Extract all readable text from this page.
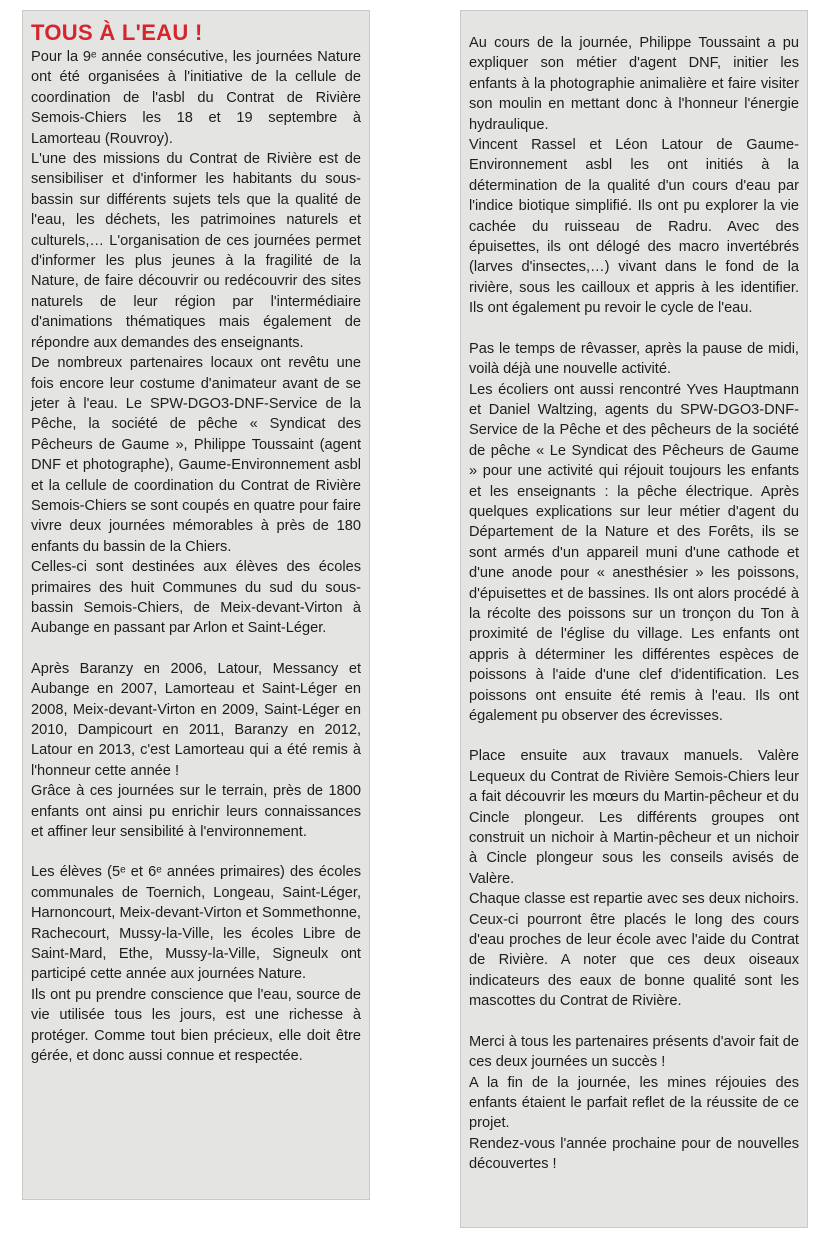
TOUS À L'EAU !

Pour la 9ᵉ année consécutive, les journées Nature ont été organisées à l'initiative de la cellule de coordination de l'asbl du Contrat de Rivière Semois-Chiers les 18 et 19 septembre à Lamorteau (Rouvroy).

L'une des missions du Contrat de Rivière est de sensibiliser et d'informer les habitants du sous-bassin sur différents sujets tels que la qualité de l'eau, les déchets, les patrimoines naturels et culturels,… L'organisation de ces journées permet d'informer les plus jeunes à la fragilité de la Nature, de faire découvrir ou redécouvrir des sites naturels de leur région par l'intermédiaire d'animations thématiques mais également de répondre aux demandes des enseignants.

De nombreux partenaires locaux ont revêtu une fois encore leur costume d'animateur avant de se jeter à l'eau. Le SPW-DGO3-DNF-Service de la Pêche, la société de pêche « Syndicat des Pêcheurs de Gaume », Philippe Toussaint (agent DNF et photographe), Gaume-Environnement asbl et la cellule de coordination du Contrat de Rivière Semois-Chiers se sont coupés en quatre pour faire vivre deux journées mémorables à près de 180 enfants du bassin de la Chiers.

Celles-ci sont destinées aux élèves des écoles primaires des huit Communes du sud du sous-bassin Semois-Chiers, de Meix-devant-Virton à Aubange en passant par Arlon et Saint-Léger.

Après Baranzy en 2006, Latour, Messancy et Aubange en 2007, Lamorteau et Saint-Léger en 2008, Meix-devant-Virton en 2009, Saint-Léger en 2010, Dampicourt en 2011, Baranzy en 2012, Latour en 2013, c'est Lamorteau qui a été remis à l'honneur cette année !

Grâce à ces journées sur le terrain, près de 1800 enfants ont ainsi pu enrichir leurs connaissances et affiner leur sensibilité à l'environnement.

Les élèves (5ᵉ et 6ᵉ années primaires) des écoles communales de Toernich, Longeau, Saint-Léger, Harnoncourt, Meix-devant-Virton et Sommethonne, Rachecourt, Mussy-la-Ville, les écoles Libre de Saint-Mard, Ethe, Mussy-la-Ville, Signeulx ont participé cette année aux journées Nature.

Ils ont pu prendre conscience que l'eau, source de vie utilisée tous les jours, est une richesse à protéger. Comme tout bien précieux, elle doit être gérée, et donc aussi connue et respectée.

Au cours de la journée, Philippe Toussaint a pu expliquer son métier d'agent DNF, initier les enfants à la photographie animalière et faire visiter son moulin en mettant donc à l'honneur l'énergie hydraulique.

Vincent Rassel et Léon Latour de Gaume-Environnement asbl les ont initiés à la détermination de la qualité d'un cours d'eau par l'indice biotique simplifié. Ils ont pu explorer la vie cachée du ruisseau de Radru. Avec des épuisettes, ils ont délogé des macro invertébrés (larves d'insectes,…) vivant dans le fond de la rivière, sous les cailloux et appris à les identifier. Ils ont également pu revoir le cycle de l'eau.

Pas le temps de rêvasser, après la pause de midi, voilà déjà une nouvelle activité.

Les écoliers ont aussi rencontré Yves Hauptmann et Daniel Waltzing, agents du SPW-DGO3-DNF-Service de la Pêche et des pêcheurs de la société de pêche « Le Syndicat des Pêcheurs de Gaume » pour une activité qui réjouit toujours les enfants et les enseignants : la pêche électrique. Après quelques explications sur leur métier d'agent du Département de la Nature et des Forêts, ils se sont armés d'un appareil muni d'une cathode et d'une anode pour « anesthésier » les poissons, d'épuisettes et de bassines. Ils ont alors procédé à la récolte des poissons sur un tronçon du Ton à proximité de l'église du village. Les enfants ont appris à déterminer les différentes espèces de poissons à l'aide d'une clef d'identification. Les poissons ont ensuite été remis à l'eau. Ils ont également pu observer des écrevisses.

Place ensuite aux travaux manuels. Valère Lequeux du Contrat de Rivière Semois-Chiers leur a fait découvrir les mœurs du Martin-pêcheur et du Cincle plongeur. Les différents groupes ont construit un nichoir à Martin-pêcheur et un nichoir à Cincle plongeur sous les conseils avisés de Valère.

Chaque classe est repartie avec ses deux nichoirs. Ceux-ci pourront être placés le long des cours d'eau proches de leur école avec l'aide du Contrat de Rivière. A noter que ces deux oiseaux indicateurs des eaux de bonne qualité sont les mascottes du Contrat de Rivière.

Merci à tous les partenaires présents d'avoir fait de ces deux journées un succès !

A la fin de la journée, les mines réjouies des enfants étaient le parfait reflet de la réussite de ce projet.

Rendez-vous l'année prochaine pour de nouvelles découvertes !
